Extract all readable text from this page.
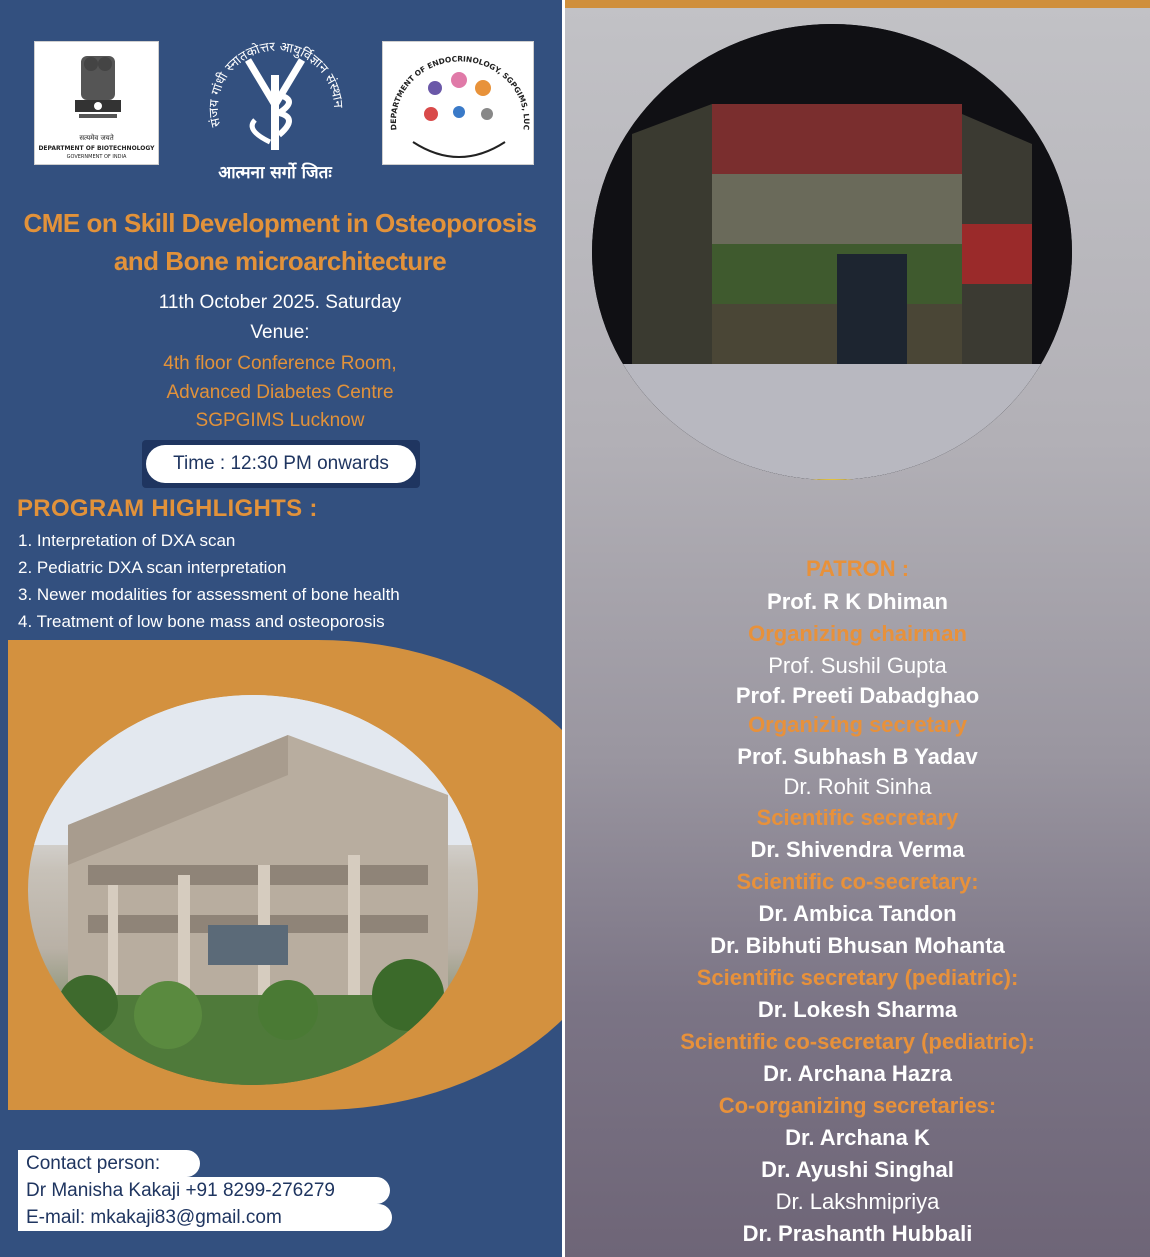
सत्यमेव जयते
DEPARTMENT OF BIOTECHNOLOGY
GOVERNMENT OF INDIA
संजय गांधी स्नातकोत्तर आयुर्विज्ञान संस्थान
आत्मना सर्गो जितः
DEPARTMENT OF ENDOCRINOLOGY, SGPGIMS, LUC
CME on Skill Development in Osteoporosis
and Bone microarchitecture
11th October 2025. Saturday
Venue:
4th floor Conference Room,
Advanced Diabetes Centre
SGPGIMS Lucknow
Time : 12:30 PM onwards
PROGRAM HIGHLIGHTS :
1. Interpretation of DXA scan
2. Pediatric DXA scan interpretation
3. Newer modalities for assessment of bone health
4. Treatment of low bone mass and osteoporosis
Contact person:
Dr Manisha Kakaji +91 8299-276279
E-mail: mkakaji83@gmail.com
PATRON :
Prof. R K Dhiman
Organizing chairman
Prof. Sushil Gupta
Prof. Preeti Dabadghao
Organizing secretary
Prof. Subhash B Yadav
Dr. Rohit Sinha
Scientific secretary
Dr. Shivendra Verma
Scientific co-secretary:
Dr. Ambica Tandon
Dr. Bibhuti Bhusan Mohanta
Scientific secretary (pediatric):
Dr. Lokesh Sharma
Scientific co-secretary (pediatric):
Dr. Archana Hazra
Co-organizing secretaries:
Dr. Archana K
Dr. Ayushi Singhal
Dr. Lakshmipriya
Dr. Prashanth Hubbali
